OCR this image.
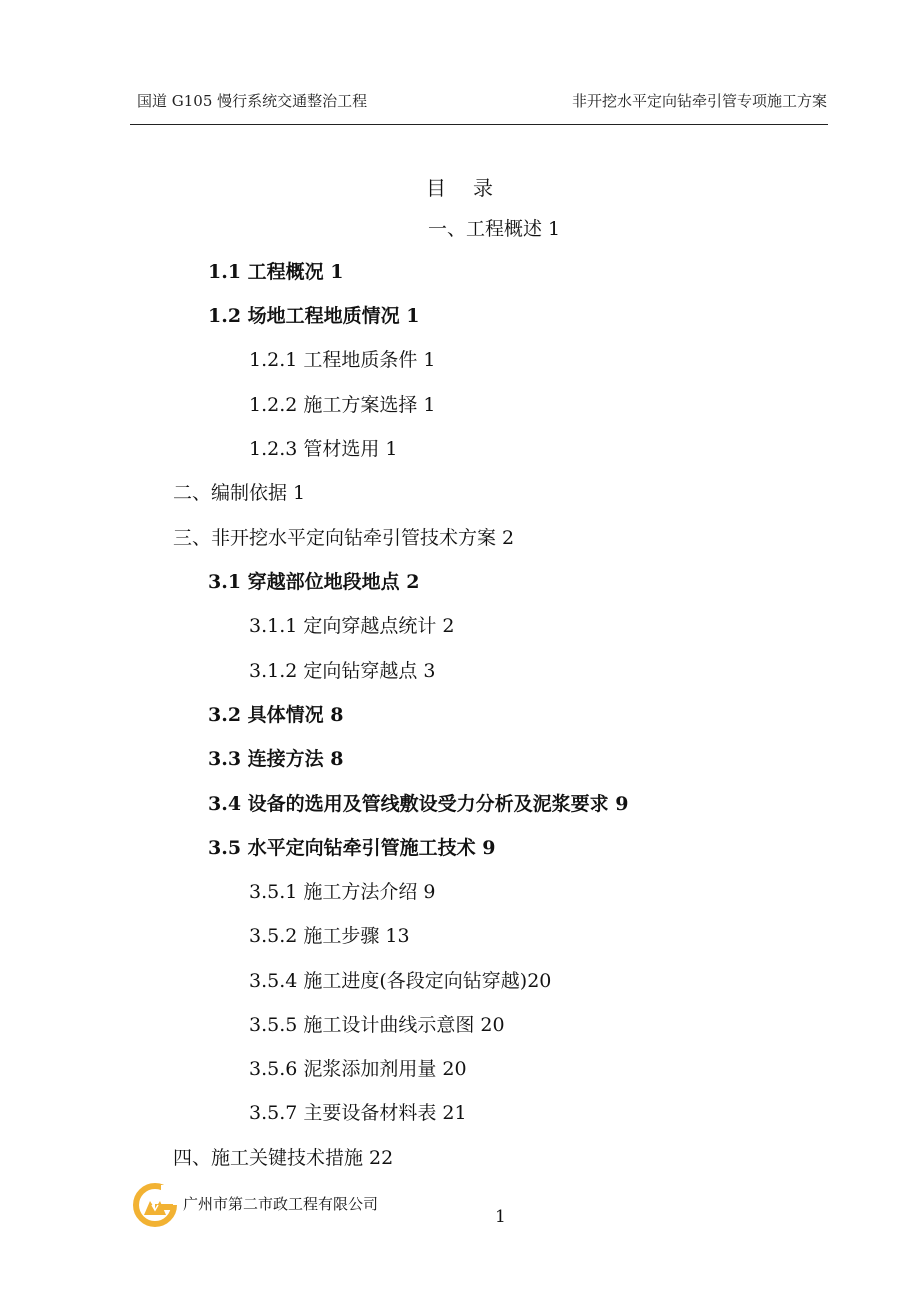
国道 G105 慢行系统交通整治工程	非开挖水平定向钻牵引管专项施工方案
目 录
一、工程概述 1
1.1 工程概况 1
1.2 场地工程地质情况 1
1.2.1 工程地质条件 1
1.2.2 施工方案选择 1
1.2.3 管材选用 1
二、编制依据 1
三、非开挖水平定向钻牵引管技术方案 2
3.1 穿越部位地段地点 2
3.1.1 定向穿越点统计 2
3.1.2 定向钻穿越点 3
3.2 具体情况 8
3.3 连接方法 8
3.4 设备的选用及管线敷设受力分析及泥浆要求 9
3.5 水平定向钻牵引管施工技术 9
3.5.1 施工方法介绍 9
3.5.2 施工步骤 13
3.5.4 施工进度(各段定向钻穿越)20
3.5.5 施工设计曲线示意图 20
3.5.6 泥浆添加剂用量 20
3.5.7 主要设备材料表 21
四、施工关键技术措施 22
广州市第二市政工程有限公司
1
